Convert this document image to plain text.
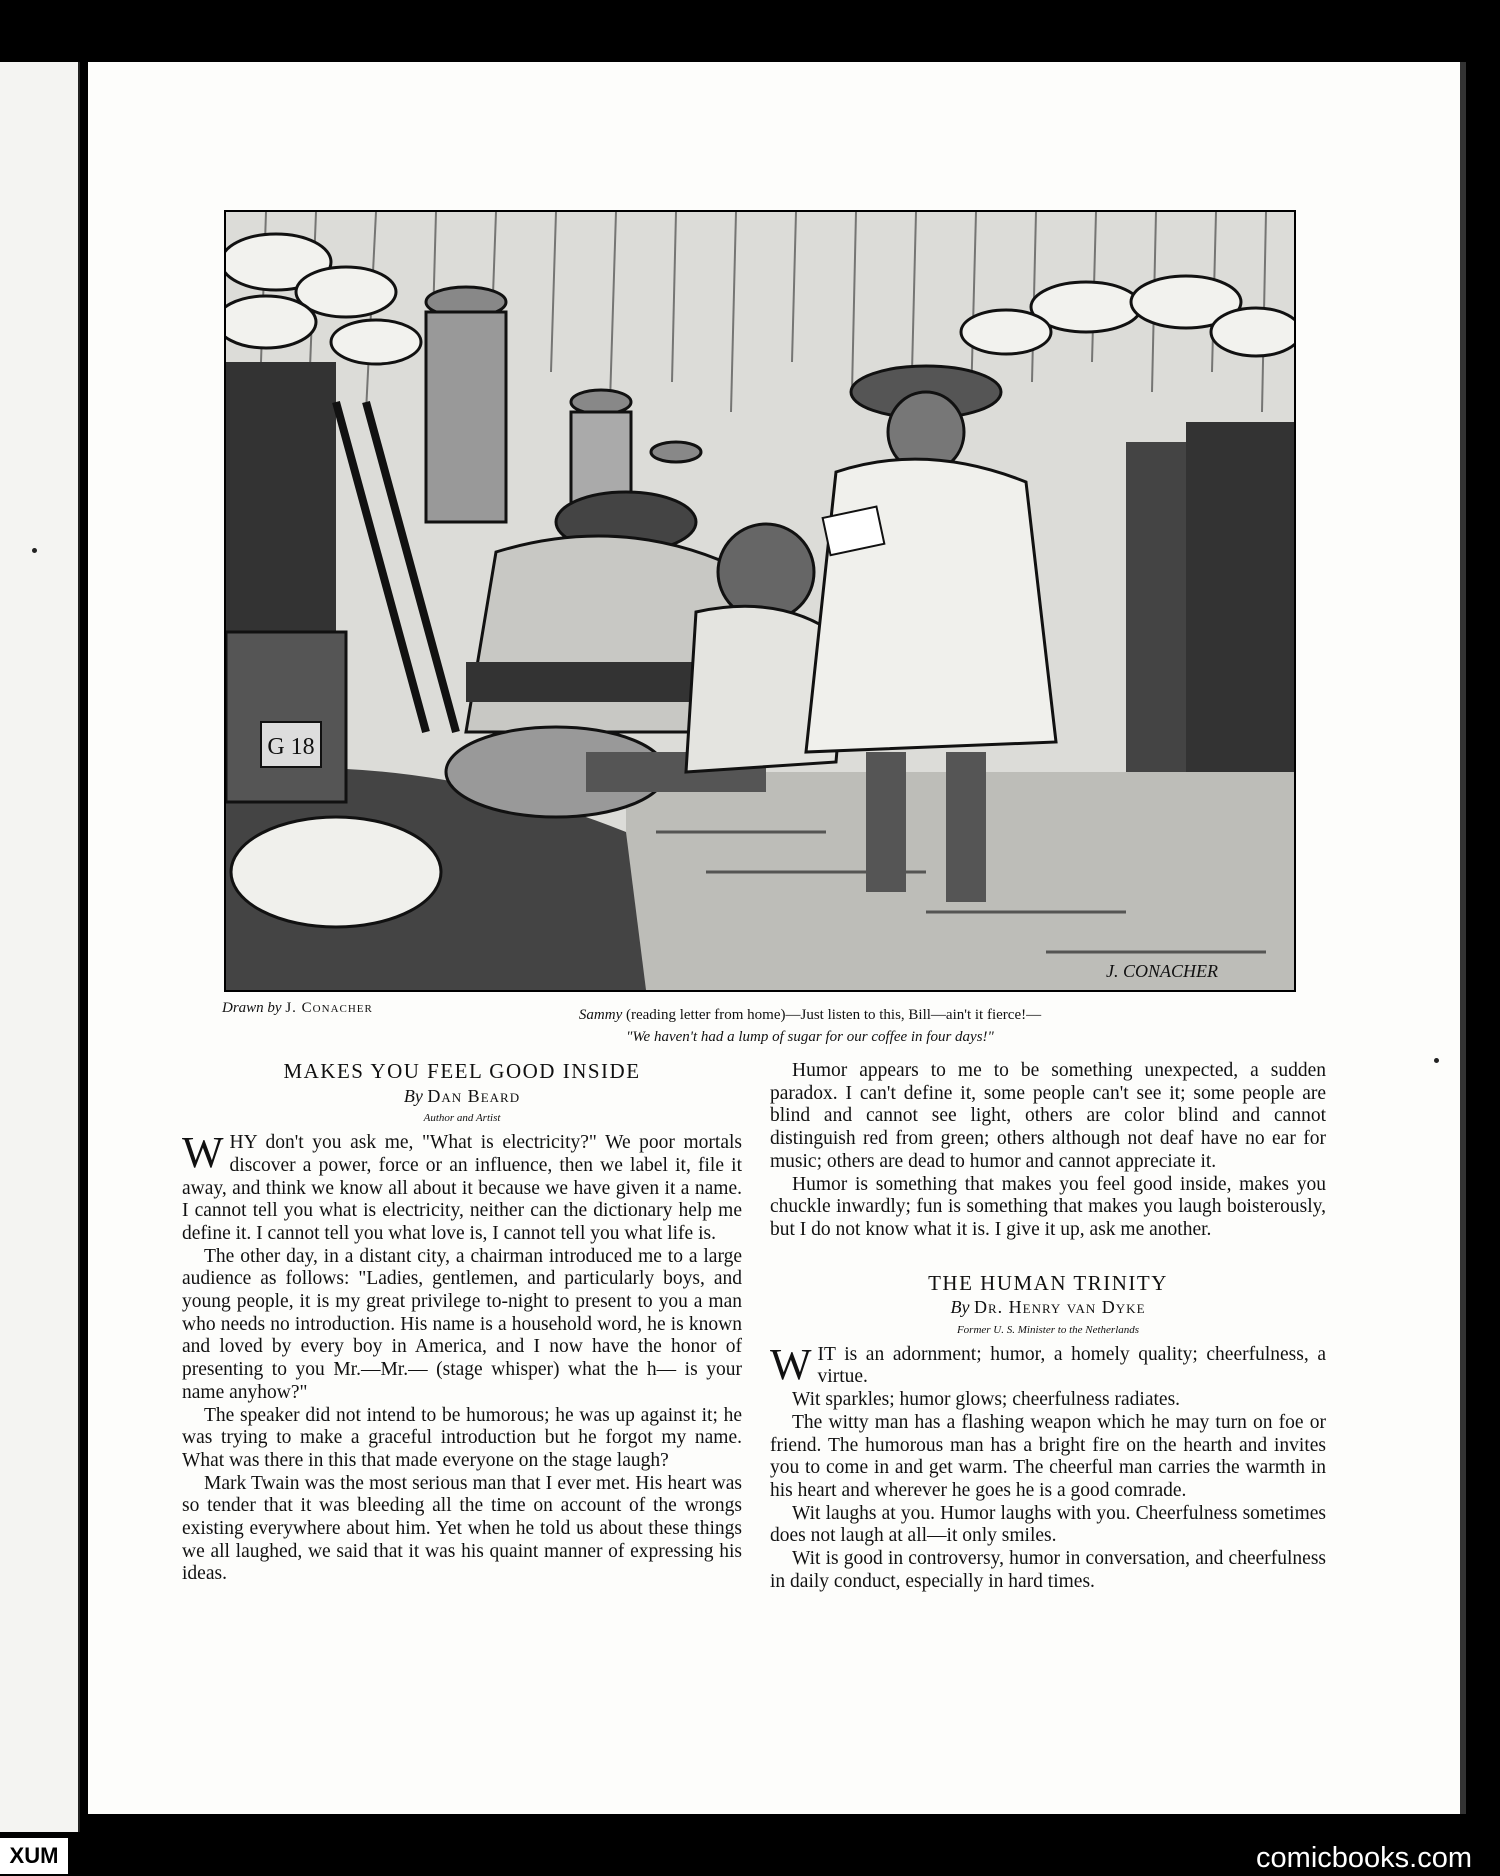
G 18
J. CONACHER
Drawn by J. Conacher	Sammy (reading letter from home)—Just listen to this, Bill—ain't it fierce!—
"We haven't had a lump of sugar for our coffee in four days!"
MAKES YOU FEEL GOOD INSIDE
By Dan Beard
Author and Artist

WHY don't you ask me, "What is electricity?" We poor mortals discover a power, force or an influence, then we label it, file it away, and think we know all about it because we have given it a name. I cannot tell you what is electricity, neither can the dictionary help me define it. I cannot tell you what love is, I cannot tell you what life is.

The other day, in a distant city, a chairman introduced me to a large audience as follows: "Ladies, gentlemen, and particularly boys, and young people, it is my great privilege to-night to present to you a man who needs no introduction. His name is a household word, he is known and loved by every boy in America, and I now have the honor of presenting to you Mr.—Mr.— (stage whisper) what the h— is your name anyhow?"

The speaker did not intend to be humorous; he was up against it; he was trying to make a graceful introduction but he forgot my name. What was there in this that made everyone on the stage laugh?

Mark Twain was the most serious man that I ever met. His heart was so tender that it was bleeding all the time on account of the wrongs existing everywhere about him. Yet when he told us about these things we all laughed, we said that it was his quaint manner of expressing his ideas.

Humor appears to me to be something unexpected, a sudden paradox. I can't define it, some people can't see it; some people are blind and cannot see light, others are color blind and cannot distinguish red from green; others although not deaf have no ear for music; others are dead to humor and cannot appreciate it.

Humor is something that makes you feel good inside, makes you chuckle inwardly; fun is something that makes you laugh boisterously, but I do not know what it is. I give it up, ask me another.

THE HUMAN TRINITY
By Dr. Henry van Dyke
Former U. S. Minister to the Netherlands

WIT is an adornment; humor, a homely quality; cheerfulness, a virtue.

Wit sparkles; humor glows; cheerfulness radiates.

The witty man has a flashing weapon which he may turn on foe or friend. The humorous man has a bright fire on the hearth and invites you to come in and get warm. The cheerful man carries the warmth in his heart and wherever he goes he is a good comrade.

Wit laughs at you. Humor laughs with you. Cheerfulness sometimes does not laugh at all—it only smiles.

Wit is good in controversy, humor in conversation, and cheerfulness in daily conduct, especially in hard times.

XUM	comicbooks.com
